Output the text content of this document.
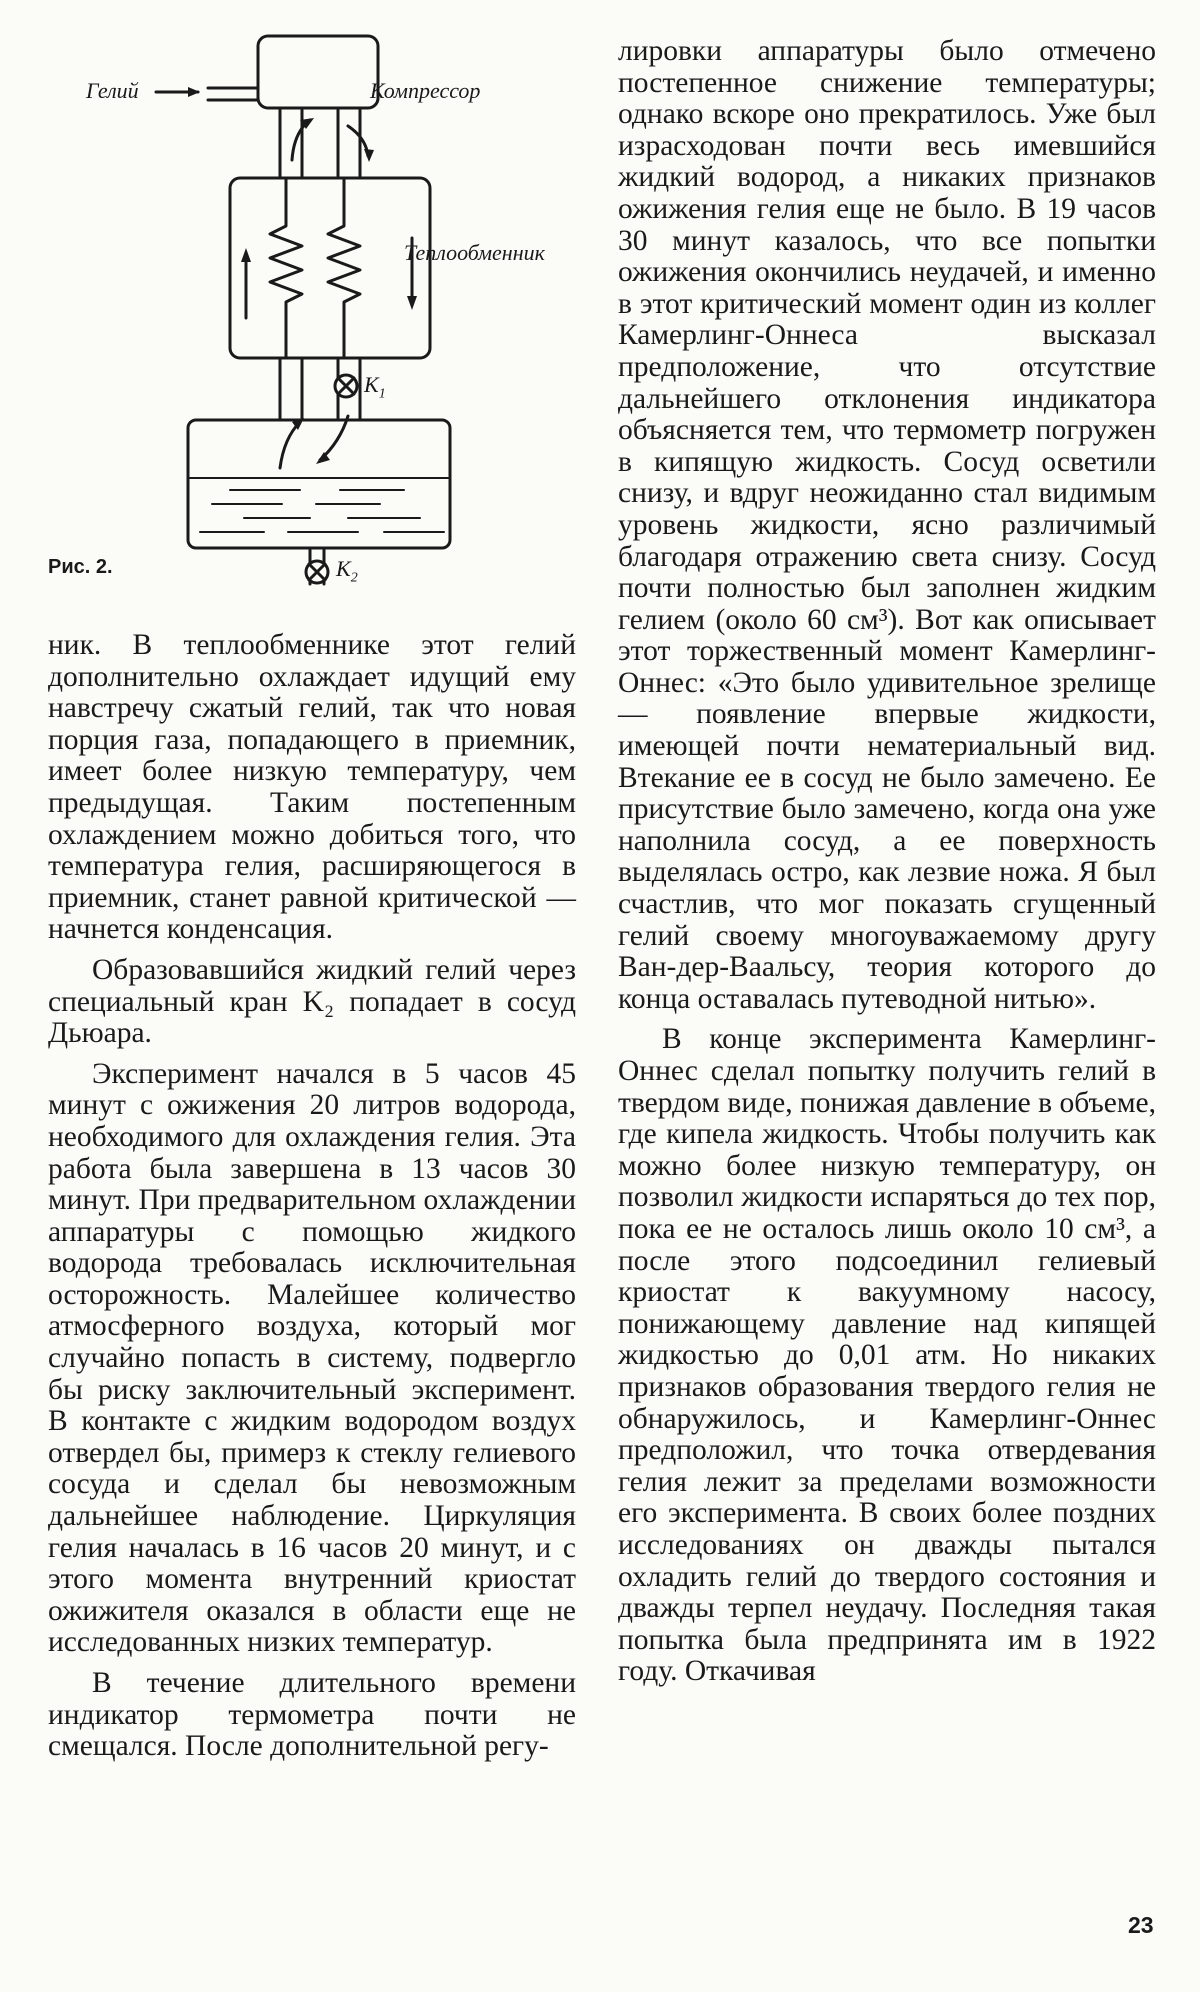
Гелий	Компрессор
Теплообменник
$K_1$
$K_2$
Рис. 2.

ник. В теплообменнике этот гелий дополнительно охлаждает идущий ему навстречу сжатый гелий, так что новая порция газа, попадающего в приемник, имеет более низкую температуру, чем предыдущая. Таким постепенным охлаждением можно добиться того, что температура гелия, расширяющегося в приемник, станет равной критической — начнется конденсация.

Образовавшийся жидкий гелий через специальный кран K₂ попадает в сосуд Дьюара.

Эксперимент начался в 5 часов 45 минут с ожижения 20 литров водорода, необходимого для охлаждения гелия. Эта работа была завершена в 13 часов 30 минут. При предварительном охлаждении аппаратуры с помощью жидкого водорода требовалась исключительная осторожность. Малейшее количество атмосферного воздуха, который мог случайно попасть в систему, подвергло бы риску заключительный эксперимент. В контакте с жидким водородом воздух отвердел бы, примерз к стеклу гелиевого сосуда и сделал бы невозможным дальнейшее наблюдение. Циркуляция гелия началась в 16 часов 20 минут, и с этого момента внутренний криостат ожижителя оказался в области еще не исследованных низких температур.

В течение длительного времени индикатор термометра почти не смещался. После дополнительной регу-

лировки аппаратуры было отмечено постепенное снижение температуры; однако вскоре оно прекратилось. Уже был израсходован почти весь имевшийся жидкий водород, а никаких признаков ожижения гелия еще не было. В 19 часов 30 минут казалось, что все попытки ожижения окончились неудачей, и именно в этот критический момент один из коллег Камерлинг-Оннеса высказал предположение, что отсутствие дальнейшего отклонения индикатора объясняется тем, что термометр погружен в кипящую жидкость. Сосуд осветили снизу, и вдруг неожиданно стал видимым уровень жидкости, ясно различимый благодаря отражению света снизу. Сосуд почти полностью был заполнен жидким гелием (около 60 см³). Вот как описывает этот торжественный момент Камерлинг-Оннес: «Это было удивительное зрелище — появление впервые жидкости, имеющей почти нематериальный вид. Втекание ее в сосуд не было замечено. Ее присутствие было замечено, когда она уже наполнила сосуд, а ее поверхность выделялась остро, как лезвие ножа. Я был счастлив, что мог показать сгущенный гелий своему многоуважаемому другу Ван-дер-Ваальсу, теория которого до конца оставалась путеводной нитью».

В конце эксперимента Камерлинг-Оннес сделал попытку получить гелий в твердом виде, понижая давление в объеме, где кипела жидкость. Чтобы получить как можно более низкую температуру, он позволил жидкости испаряться до тех пор, пока ее не осталось лишь около 10 см³, а после этого подсоединил гелиевый криостат к вакуумному насосу, понижающему давление над кипящей жидкостью до 0,01 атм. Но никаких признаков образования твердого гелия не обнаружилось, и Камерлинг-Оннес предположил, что точка отвердевания гелия лежит за пределами возможности его эксперимента. В своих более поздних исследованиях он дважды пытался охладить гелий до твердого состояния и дважды терпел неудачу. Последняя такая попытка была предпринята им в 1922 году. Откачивая

23
